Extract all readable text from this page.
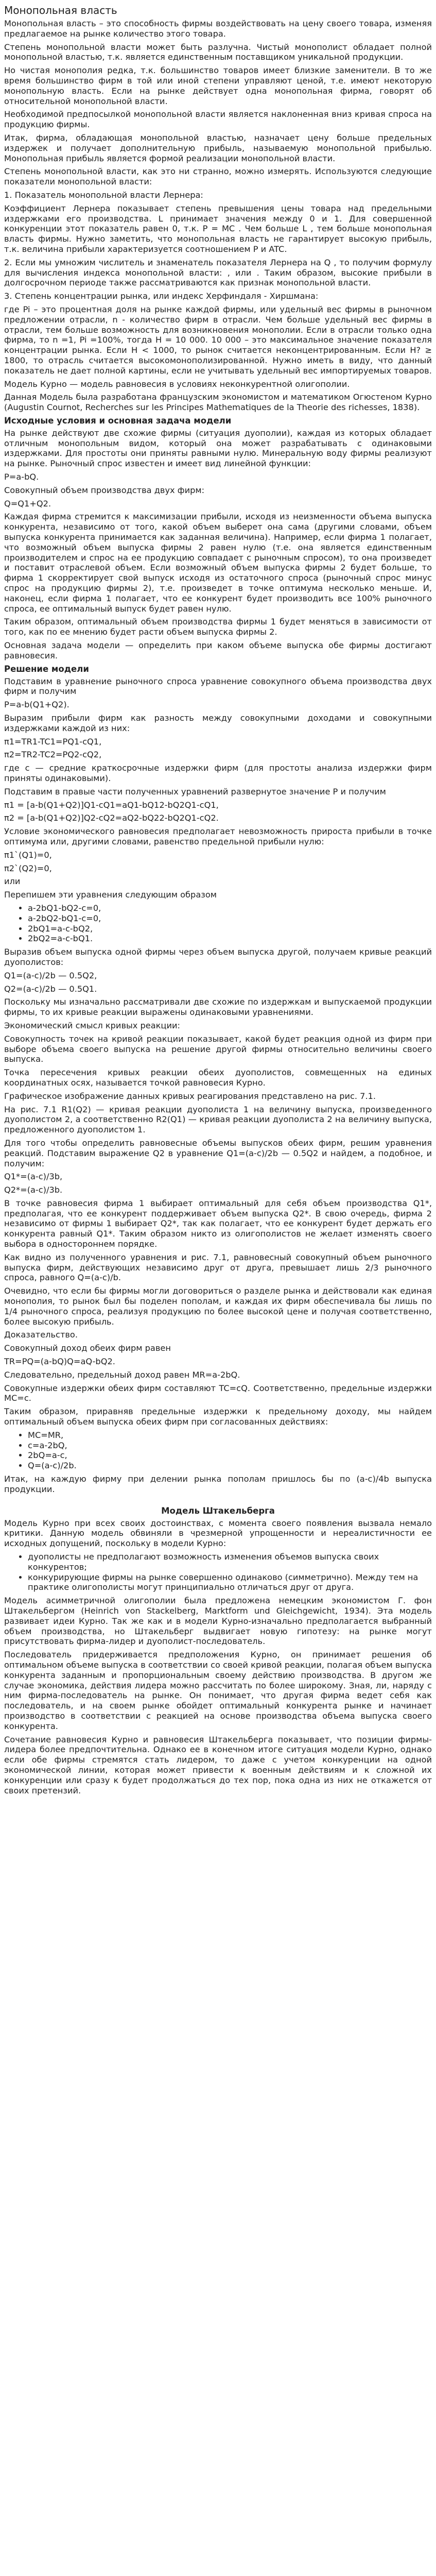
Монопольная власть

Монопольная власть – это способность фирмы воздействовать на цену своего товара, изменяя предлагаемое на рынке количество этого товара.

Степень монопольной власти может быть разлучна. Чистый монополист обладает полной монопольной властью, т.к. является единственным поставщиком уникальной продукции.

Но чистая монополия редка, т.к. большинство товаров имеет близкие заменители. В то же время большинство фирм в той или иной степени управляют ценой, т.е. имеют некоторую монопольную власть. Если на рынке действует одна монопольная фирма, говорят об относительной монопольной власти.

Необходимой предпосылкой монопольной власти является наклоненная вниз кривая спроса на продукцию фирмы.

Итак, фирма, обладающая монопольной властью, назначает цену больше предельных издержек и получает дополнительную прибыль, называемую монопольной прибылью. Монопольная прибыль является формой реализации монопольной власти.

Степень монопольной власти, как это ни странно, можно измерять. Используются следующие показатели монопольной власти:

1. Показатель монопольной власти Лернера:

Коэффициент Лернера показывает степень превышения цены товара над предельными издержками его производства. L принимает значения между 0 и 1. Для совершенной конкуренции этот показатель равен 0, т.к. P = MC . Чем больше L , тем больше монопольная власть фирмы. Нужно заметить, что монопольная власть не гарантирует высокую прибыль, т.к. величина прибыли характеризуется соотношением P и ATC.

2. Если мы умножим числитель и знаменатель показателя Лернера на Q , то получим формулу для вычисления индекса монопольной власти: , или . Таким образом, высокие прибыли в долгосрочном периоде также рассматриваются как признак монопольной власти.

3. Степень концентрации рынка, или индекс Херфиндаля - Хиршмана:

где Pi – это процентная доля на рынке каждой фирмы, или удельный вес фирмы в рыночном предложении отрасли, n - количество фирм в отрасли. Чем больше удельный вес фирмы в отрасли, тем больше возможность для возникновения монополии. Если в отрасли только одна фирма, то n =1, Pi =100%, тогда Н = 10 000. 10 000 – это максимальное значение показателя концентрации рынка. Если Н < 1000, то рынок считается неконцентрированным. Если Н? ≥ 1800, то отрасль считается высокомонополизированной. Нужно иметь в виду, что данный показатель не дает полной картины, если не учитывать удельный вес импортируемых товаров.

Модель Курно — модель равновесия в условиях неконкурентной олигополии.

Данная Модель была разработана французским экономистом и математиком Огюстеном Курно (Augustin Cournot, Recherches sur les Principes Mathematiques de la Theorie des richesses, 1838).

Исходные условия и основная задача модели

На рынке действуют две схожие фирмы (ситуация дуополии), каждая из которых обладает отличным монопольным видом, который она может разрабатывать с одинаковыми издержками. Для простоты они приняты равными нулю. Минеральную воду фирмы реализуют на рынке. Рыночный спрос известен и имеет вид линейной функции:

P=a-bQ.

Совокупный объем производства двух фирм:

Q=Q1+Q2.

Каждая фирма стремится к максимизации прибыли, исходя из неизменности объема выпуска конкурента, независимо от того, какой объем выберет она сама (другими словами, объем выпуска конкурента принимается как заданная величина). Например, если фирма 1 полагает, что возможный объем выпуска фирмы 2 равен нулю (т.е. она является единственным производителем и спрос на ее продукцию совпадает с рыночным спросом), то она произведет и поставит отраслевой объем. Если возможный объем выпуска фирмы 2 будет больше, то фирма 1 скорректирует свой выпуск исходя из остаточного спроса (рыночный спрос минус спрос на продукцию фирмы 2), т.е. произведет в точке оптимума несколько меньше. И, наконец, если фирма 1 полагает, что ее конкурент будет производить все 100% рыночного спроса, ее оптимальный выпуск будет равен нулю.

Таким образом, оптимальный объем производства фирмы 1 будет меняться в зависимости от того, как по ее мнению будет расти объем выпуска фирмы 2.

Основная задача модели — определить при каком объеме выпуска обе фирмы достигают равновесия.

Решение модели

Подставим в уравнение рыночного спроса уравнение совокупного объема производства двух фирм и получим

P=a-b(Q1+Q2).

Выразим прибыли фирм как разность между совокупными доходами и совокупными издержками каждой из них:

π1=TR1-TC1=PQ1-cQ1,

π2=TR2-TC2=PQ2-cQ2,

где с — средние краткосрочные издержки фирм (для простоты анализа издержки фирм приняты одинаковыми).

Подставим в правые части полученных уравнений развернутое значение P и получим

π1 = [a-b(Q1+Q2)]Q1-cQ1=aQ1-bQ12-bQ2Q1-cQ1,

π2 = [a-b(Q1+Q2)]Q2-cQ2=aQ2-bQ22-bQ2Q1-cQ2.

Условие экономического равновесия предполагает невозможность прироста прибыли в точке оптимума или, другими словами, равенство предельной прибыли нулю:

π1`(Q1)=0,

π2`(Q2)=0,

или

Перепишем эти уравнения следующим образом

• a-2bQ1-bQ2-c=0,
• a-2bQ2-bQ1-c=0,
• 2bQ1=a-c-bQ2,
• 2bQ2=a-c-bQ1.

Выразив объем выпуска одной фирмы через объем выпуска другой, получаем кривые реакций дуополистов:

Q1=(a-c)/2b — 0.5Q2,

Q2=(a-c)/2b — 0.5Q1.

Поскольку мы изначально рассматривали две схожие по издержкам и выпускаемой продукции фирмы, то их кривые реакции выражены одинаковыми уравнениями.

Экономический смысл кривых реакции:

Совокупность точек на кривой реакции показывает, какой будет реакция одной из фирм при выборе объема своего выпуска на решение другой фирмы относительно величины своего выпуска.

Точка пересечения кривых реакции обеих дуополистов, совмещенных на единых координатных осях, называется точкой равновесия Курно.

Графическое изображение данных кривых реагирования представлено на рис. 7.1.

На рис. 7.1 R1(Q2) — кривая реакции дуополиста 1 на величину выпуска, произведенного дуополистом 2, а соответственно R2(Q1) — кривая реакции дуополиста 2 на величину выпуска, предложенного дуополистом 1.

Для того чтобы определить равновесные объемы выпусков обеих фирм, решим уравнения реакций. Подставим выражение Q2 в уравнение Q1=(a-c)/2b — 0.5Q2 и найдем, а подобное, и получим:

Q1*=(a-c)/3b,

Q2*=(a-c)/3b.

В точке равновесия фирма 1 выбирает оптимальный для себя объем производства Q1*, предполагая, что ее конкурент поддерживает объем выпуска Q2*. В свою очередь, фирма 2 независимо от фирмы 1 выбирает Q2*, так как полагает, что ее конкурент будет держать его конкурента равный Q1*. Таким образом никто из олигополистов не желает изменять своего выбора в одностороннем порядке.

Как видно из полученного уравнения и рис. 7.1, равновесный совокупный объем рыночного выпуска фирм, действующих независимо друг от друга, превышает лишь 2/3 рыночного спроса, равного Q=(a-c)/b.

Очевидно, что если бы фирмы могли договориться о разделе рынка и действовали как единая монополия, то рынок был бы поделен пополам, и каждая их фирм обеспечивала бы лишь по 1/4 рыночного спроса, реализуя продукцию по более высокой цене и получая соответственно, более высокую прибыль.

Доказательство.

Совокупный доход обеих фирм равен

TR=PQ=(a-bQ)Q=aQ-bQ2.

Следовательно, предельный доход равен MR=a-2bQ.

Совокупные издержки обеих фирм составляют TC=cQ. Соответственно, предельные издержки MC=c.

Таким образом, приравняв предельные издержки к предельному доходу, мы найдем оптимальный объем выпуска обеих фирм при согласованных действиях:

• MC=MR,
• c=a-2bQ,
• 2bQ=a-c,
• Q=(a-c)/2b.

Итак, на каждую фирму при делении рынка пополам пришлось бы по (a-c)/4b выпуска продукции.

Модель Штакельберга

Модель Курно при всех своих достоинствах, с момента своего появления вызвала немало критики. Данную модель обвиняли в чрезмерной упрощенности и нереалистичности ее исходных допущений, поскольку в модели Курно:

• дуополисты не предполагают возможность изменения объемов выпуска своих конкурентов;
• конкурирующие фирмы на рынке совершенно одинаково (симметрично). Между тем на практике олигополисты могут принципиально отличаться друг от друга.

Модель асимметричной олигополии была предложена немецким экономистом Г. фон Штакельбергом (Heinrich von Stackelberg, Marktform und Gleichgewicht, 1934). Эта модель развивает идеи Курно. Так же как и в модели Курно-изначально предполагается выбранный объем производства, но Штакельберг выдвигает новую гипотезу: на рынке могут присутствовать фирма-лидер и дуополист-последователь.

Последователь придерживается предположения Курно, он принимает решения об оптимальном объеме выпуска в соответствии со своей кривой реакции, полагая объем выпуска конкурента заданным и пропорциональным своему действию производства. В другом же случае экономика, действия лидера можно рассчитать по более широкому. Зная, ли, наряду с ним фирма-последователь на рынке. Он понимает, что другая фирма ведет себя как последователь, и на своем рынке обойдет оптимальный конкурента рынке и начинает производство в соответствии с реакцией на основе производства объема выпуска своего конкурента.

Сочетание равновесия Курно и равновесия Штакельберга показывает, что позиции фирмы-лидера более предпочтительна. Однако ее в конечном итоге ситуация модели Курно, однако если обе фирмы стремятся стать лидером, то даже с учетом конкуренции на одной экономической линии, которая может привести к военным действиям и к сложной их конкуренции или сразу к будет продолжаться до тех пор, пока одна из них не откажется от своих претензий.
